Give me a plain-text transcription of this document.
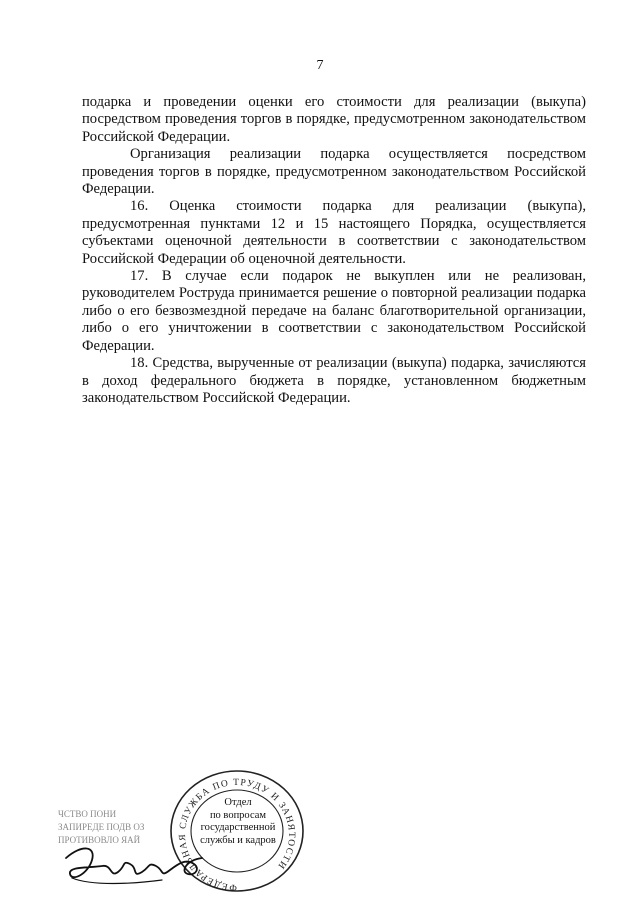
7

подарка и проведении оценки его стоимости для реализации (выкупа) посредством проведения торгов в порядке, предусмотренном законодательством Российской Федерации.

Организация реализации подарка осуществляется посредством проведения торгов в порядке, предусмотренном законодательством Российской Федерации.

16. Оценка стоимости подарка для реализации (выкупа), предусмотренная пунктами 12 и 15 настоящего Порядка, осуществляется субъектами оценочной деятельности в соответствии с законодательством Российской Федерации об оценочной деятельности.

17. В случае если подарок не выкуплен или не реализован, руководителем Роструда принимается решение о повторной реализации подарка либо о его безвозмездной передаче на баланс благотворительной организации, либо о его уничтожении в соответствии с законодательством Российской Федерации.

18. Средства, вырученные от реализации (выкупа) подарка, зачисляются в доход федерального бюджета в порядке, установленном бюджетным законодательством Российской Федерации.

ЧСТВО ПОНИ
ЗАПИРЕДЕ ПОДВ ОЗ
ПРОТИВОВЛО ЯАЙ
ФЕДЕРАЛЬНАЯ СЛУЖБА ПО ТРУДУ И ЗАНЯТОСТИ
Отдел
по вопросам
государственной
службы и кадров
